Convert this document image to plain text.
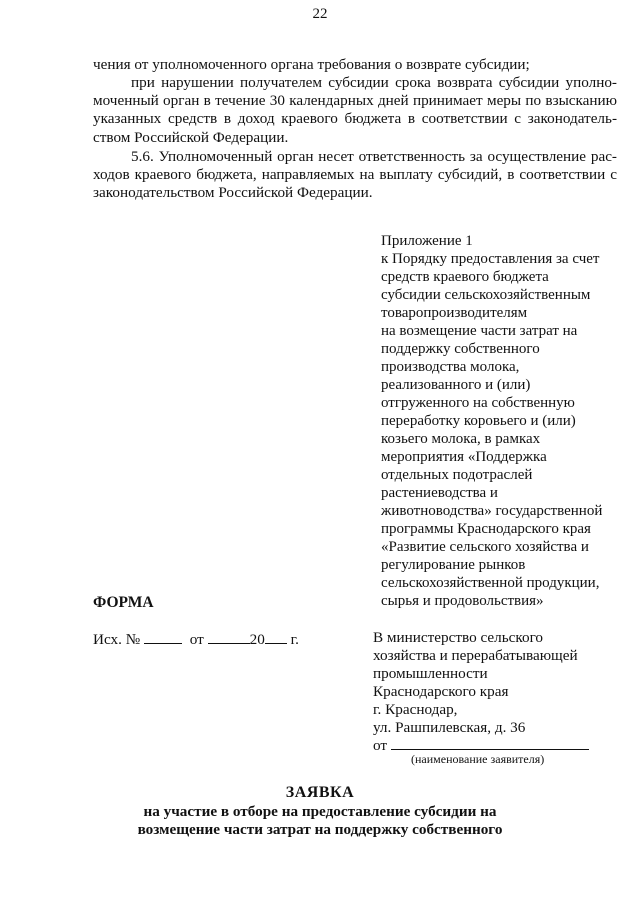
22
чения от уполномоченного органа требования о возврате субсидии;
при нарушении получателем субсидии срока возврата субсидии уполно-
моченный орган в течение 30 календарных дней принимает меры по взысканию
указанных средств в доход краевого бюджета в соответствии с законодатель-
ством Российской Федерации.
5.6. Уполномоченный орган несет ответственность за осуществление рас-
ходов краевого бюджета, направляемых на выплату субсидий, в соответствии с
законодательством Российской Федерации.
Приложение 1
к Порядку предоставления за счет
средств краевого бюджета
субсидии сельскохозяйственным
товаропроизводителям
на возмещение части затрат на
поддержку собственного
производства молока,
реализованного и (или)
отгруженного на собственную
переработку коровьего и (или)
козьего молока, в рамках
мероприятия «Поддержка
отдельных подотраслей
растениеводства и
животноводства» государственной
программы Краснодарского края
«Развитие сельского хозяйства и
регулирование рынков
сельскохозяйственной продукции,
сырья и продовольствия»
ФОРМА
Исх. №	от	20 г.	В министерство сельского
хозяйства и перерабатывающей
промышленности
Краснодарского края
г. Краснодар,
ул. Рашпилевская, д. 36
от
(наименование заявителя)
ЗАЯВКА
на участие в отборе на предоставление субсидии на
возмещение части затрат на поддержку собственного
